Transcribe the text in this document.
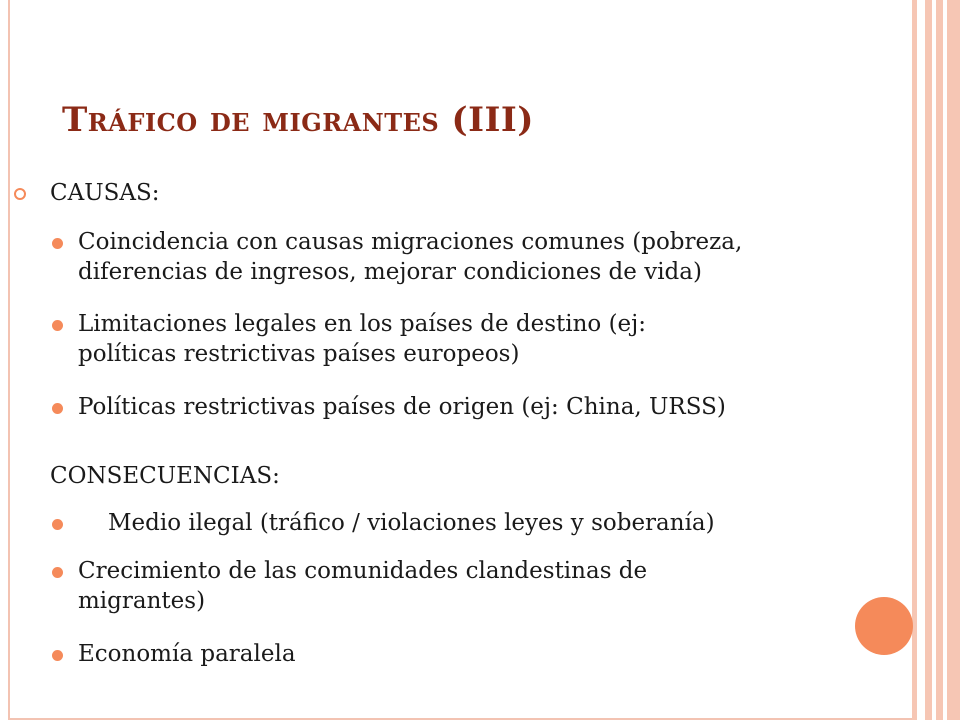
Tráfico de migrantes (III)
CAUSAS:
Coincidencia con causas migraciones comunes (pobreza,
diferencias de ingresos, mejorar condiciones de vida)
Limitaciones legales en los países de destino (ej:
políticas restrictivas países europeos)
Políticas restrictivas países de origen (ej: China, URSS)
CONSECUENCIAS:
Medio ilegal (tráfico / violaciones leyes y soberanía)
Crecimiento de las comunidades clandestinas de
migrantes)
Economía paralela
